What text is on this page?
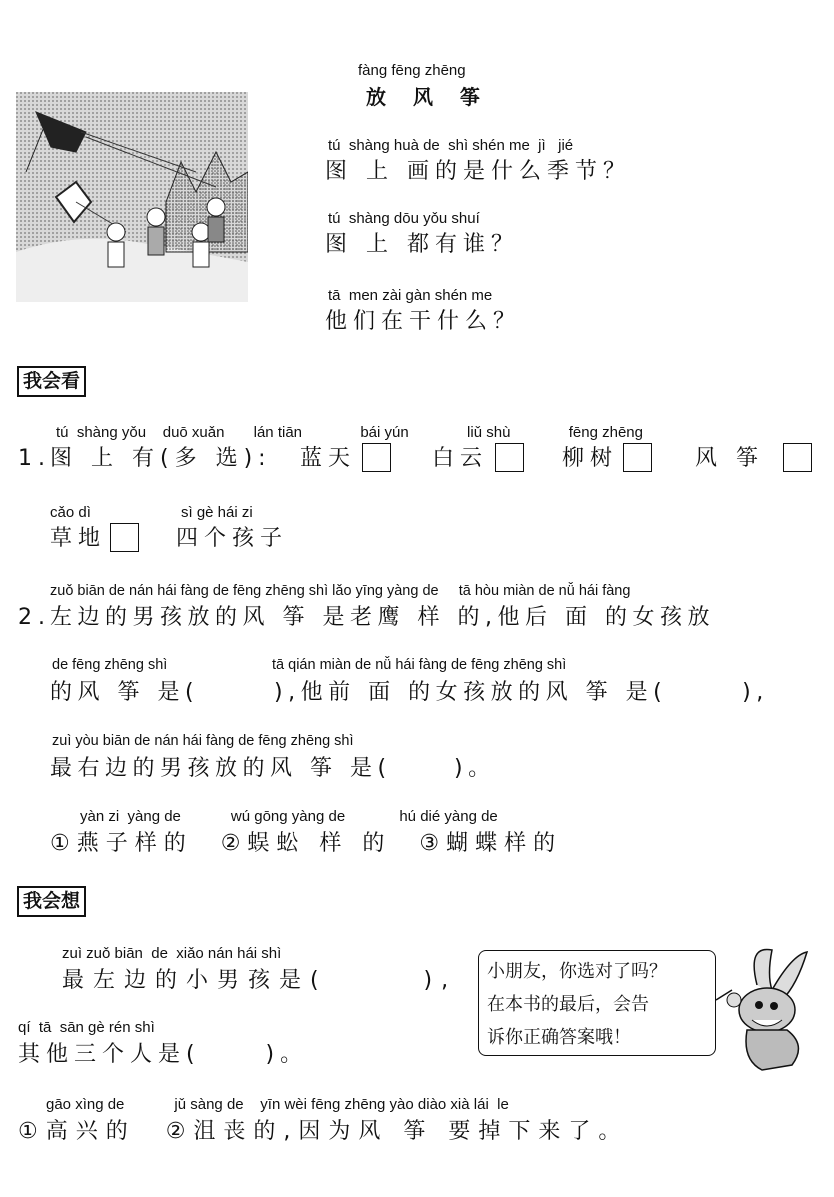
fàng fēng zhēng
放 风 筝
tú  shàng huà de  shì shén me  jì   jié
图 上 画的是什么季节？
tú  shàng dōu yǒu shuí
图 上 都有谁？
tā  men zài gàn shén me
他们在干什么？
我会看
tú  shàng yǒu    duō xuǎn       lán tiān              bái yún              liǔ shù              fēng zhēng
1. 图 上 有(多 选): 蓝天	白云	柳树	风 筝
cǎo dì
草地
sì gè hái zi
四个孩子
zuǒ biān de nán hái fàng de fēng zhēng shì lǎo yīng yàng de     tā hòu miàn de nǚ hái fàng
2. 左边的男孩放的风 筝 是老鹰 样 的,他后 面 的女孩放
de fēng zhēng shì                          tā qián miàn de nǚ hái fàng de fēng zhēng shì
的风 筝 是(      ),他前 面 的女孩放的风 筝 是(      ),
zuì yòu biān de nán hái fàng de fēng zhēng shì
最右边的男孩放的风 筝 是(     )。
yàn zi  yàng de            wú gōng yàng de             hú dié yàng de
①燕子样的  ②蜈蚣 样 的  ③蝴蝶样的
我会想
zuì zuǒ biān  de  xiǎo nán hái shì
最左边的小男孩是(      ),
qí  tā  sān gè rén shì
其他三个人是(     )。
小朋友，你选对了吗？
在本书的最后，会告
诉你正确答案哦！
gāo xìng de            jǔ sàng de    yīn wèi fēng zhēng yào diào xià lái  le
①高兴的  ②沮丧的,因为风 筝 要掉下来了。
